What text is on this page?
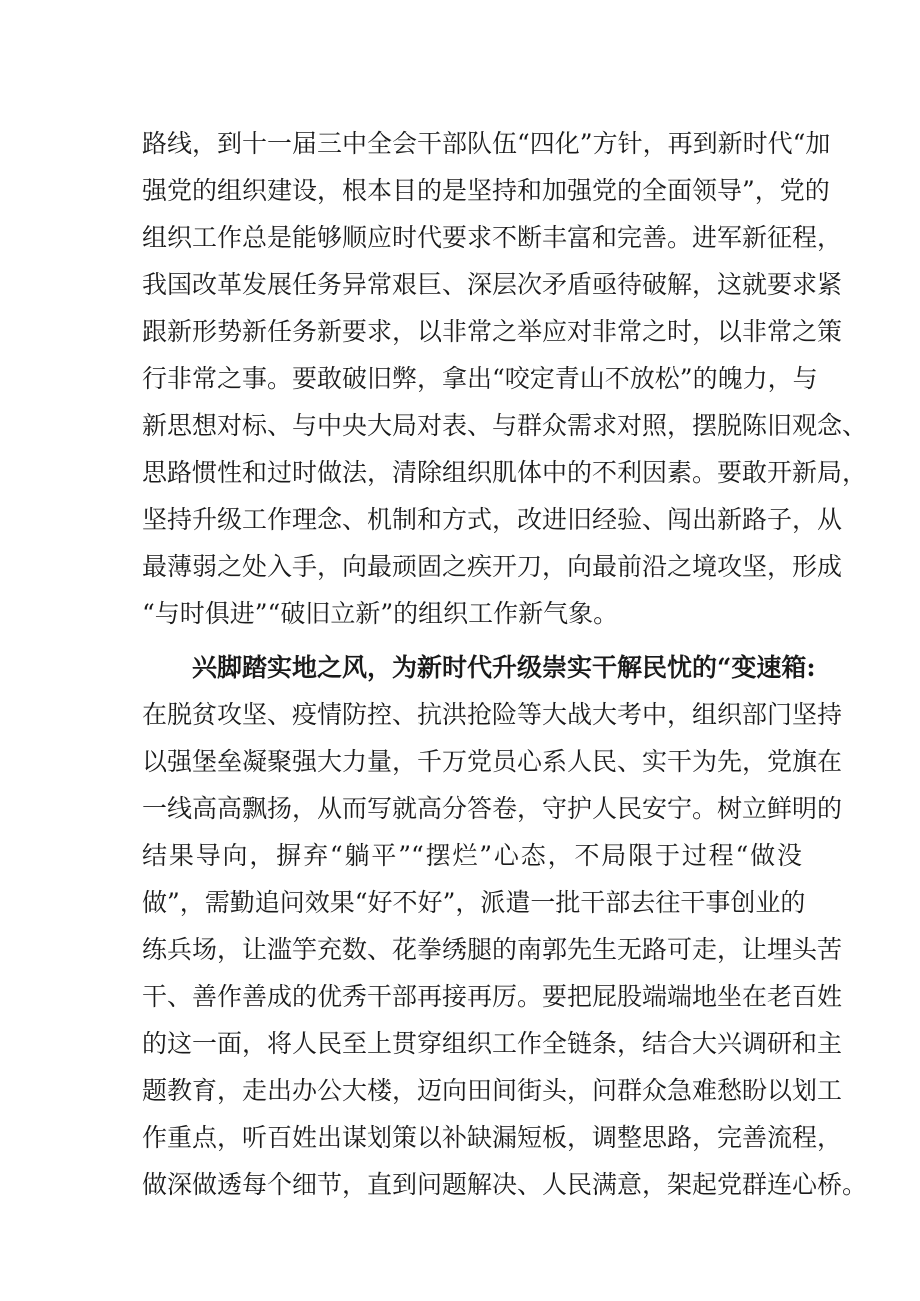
路线，到十一届三中全会干部队伍“四化”方针，再到新时代“加
强党的组织建设，根本目的是坚持和加强党的全面领导”，党的
组织工作总是能够顺应时代要求不断丰富和完善。进军新征程，
我国改革发展任务异常艰巨、深层次矛盾亟待破解，这就要求紧
跟新形势新任务新要求，以非常之举应对非常之时，以非常之策
行非常之事。要敢破旧弊，拿出“咬定青山不放松”的魄力，与
新思想对标、与中央大局对表、与群众需求对照，摆脱陈旧观念、
思路惯性和过时做法，清除组织肌体中的不利因素。要敢开新局，
坚持升级工作理念、机制和方式，改进旧经验、闯出新路子，从
最薄弱之处入手，向最顽固之疾开刀，向最前沿之境攻坚，形成
“与时俱进”“破旧立新”的组织工作新气象。
兴脚踏实地之风，为新时代升级崇实干解民忧的“变速箱:
在脱贫攻坚、疫情防控、抗洪抢险等大战大考中，组织部门坚持
以强堡垒凝聚强大力量，千万党员心系人民、实干为先，党旗在
一线高高飘扬，从而写就高分答卷，守护人民安宁。树立鲜明的
结果导向，摒弃“躺平”“摆烂”心态，不局限于过程“做没
做”，需勤追问效果“好不好”，派遣一批干部去往干事创业的
练兵场，让滥竽充数、花拳绣腿的南郭先生无路可走，让埋头苦
干、善作善成的优秀干部再接再厉。要把屁股端端地坐在老百姓
的这一面，将人民至上贯穿组织工作全链条，结合大兴调研和主
题教育，走出办公大楼，迈向田间街头，问群众急难愁盼以划工
作重点，听百姓出谋划策以补缺漏短板，调整思路，完善流程，
做深做透每个细节，直到问题解决、人民满意，架起党群连心桥。
